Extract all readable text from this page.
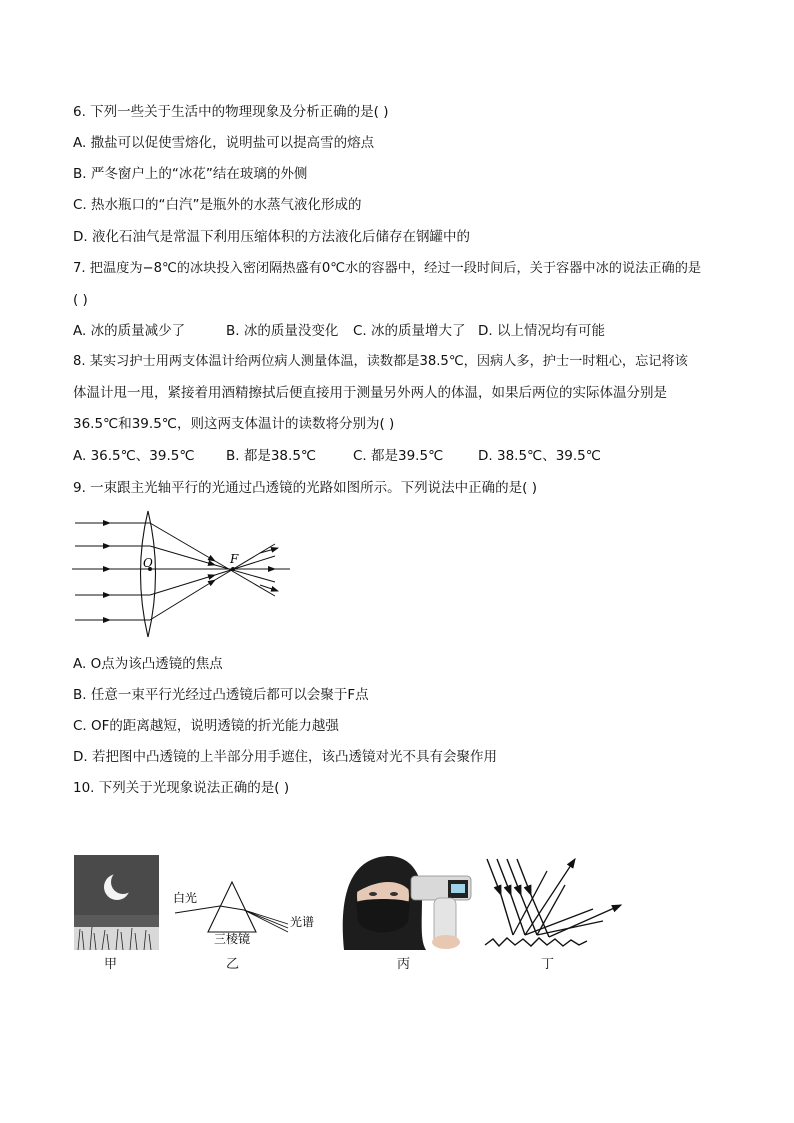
6. 下列一些关于生活中的物理现象及分析正确的是( )
A. 撒盐可以促使雪熔化，说明盐可以提高雪的熔点
B. 严冬窗户上的“冰花”结在玻璃的外侧
C. 热水瓶口的“白汽”是瓶外的水蒸气液化形成的
D. 液化石油气是常温下利用压缩体积的方法液化后储存在钢罐中的
7. 把温度为−8℃的冰块投入密闭隔热盛有0℃水的容器中，经过一段时间后，关于容器中冰的说法正确的是
( )
A. 冰的质量减少了	B. 冰的质量没变化 C. 冰的质量增大了 D. 以上情况均有可能
8. 某实习护士用两支体温计给两位病人测量体温，读数都是38.5℃，因病人多，护士一时粗心，忘记将该
体温计甩一甩，紧接着用酒精擦拭后便直接用于测量另外两人的体温，如果后两位的实际体温分别是
36.5℃和39.5℃，则这两支体温计的读数将分别为( )
A. 36.5℃、39.5℃ B. 都是38.5℃	C. 都是39.5℃	D. 38.5℃、39.5℃
9. 一束跟主光轴平行的光通过凸透镜的光路如图所示。下列说法中正确的是( )
O	F
A. O点为该凸透镜的焦点
B. 任意一束平行光经过凸透镜后都可以会聚于F点
C. OF的距离越短，说明透镜的折光能力越强
D. 若把图中凸透镜的上半部分用手遮住，该凸透镜对光不具有会聚作用
10. 下列关于光现象说法正确的是( )
甲
白光
三棱镜
光谱
乙	丙	丁
